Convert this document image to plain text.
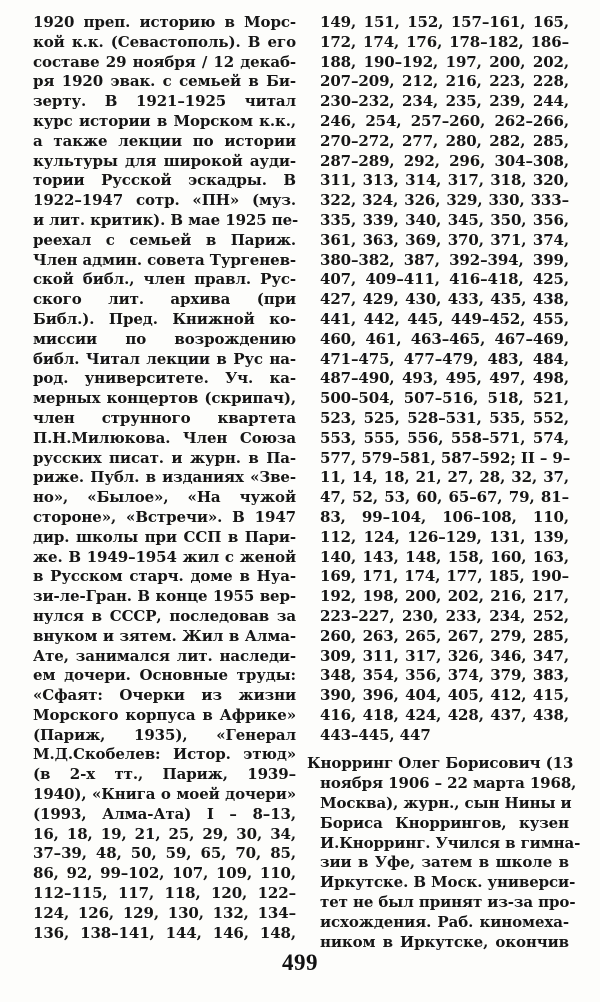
1920 преп. историю в Морс-
кой к.к. (Севастополь). В его
составе 29 ноября / 12 декаб-
ря 1920 эвак. с семьей в Би-
зерту. В 1921–1925 читал
курс истории в Морском к.к.,
а также лекции по истории
культуры для широкой ауди-
тории Русской эскадры. В
1922–1947 сотр. «ПН» (муз.
и лит. критик). В мае 1925 пе-
реехал с семьей в Париж.
Член админ. совета Тургенев-
ской библ., член правл. Рус-
ского лит. архива (при
Библ.). Пред. Книжной ко-
миссии по возрождению
библ. Читал лекции в Рус на-
род. университете. Уч. ка-
мерных концертов (скрипач),
член струнного квартета
П.Н.Милюкова. Член Союза
русских писат. и журн. в Па-
риже. Публ. в изданиях «Зве-
но», «Былое», «На чужой
стороне», «Встречи». В 1947
дир. школы при ССП в Пари-
же. В 1949–1954 жил с женой
в Русском старч. доме в Нуа-
зи-ле-Гран. В конце 1955 вер-
нулся в СССР, последовав за
внуком и зятем. Жил в Алма-
Ате, занимался лит. наследи-
ем дочери. Основные труды:
«Сфаят: Очерки из жизни
Морского корпуса в Африке»
(Париж, 1935), «Генерал
М.Д.Скобелев: Истор. этюд»
(в 2-х тт., Париж, 1939–
1940), «Книга о моей дочери»
(1993, Алма-Ата) I – 8–13,
16, 18, 19, 21, 25, 29, 30, 34,
37–39, 48, 50, 59, 65, 70, 85,
86, 92, 99–102, 107, 109, 110,
112–115, 117, 118, 120, 122–
124, 126, 129, 130, 132, 134–
136, 138–141, 144, 146, 148,
149, 151, 152, 157–161, 165,
172, 174, 176, 178–182, 186–
188, 190–192, 197, 200, 202,
207–209, 212, 216, 223, 228,
230–232, 234, 235, 239, 244,
246, 254, 257–260, 262–266,
270–272, 277, 280, 282, 285,
287–289, 292, 296, 304–308,
311, 313, 314, 317, 318, 320,
322, 324, 326, 329, 330, 333–
335, 339, 340, 345, 350, 356,
361, 363, 369, 370, 371, 374,
380–382, 387, 392–394, 399,
407, 409–411, 416–418, 425,
427, 429, 430, 433, 435, 438,
441, 442, 445, 449–452, 455,
460, 461, 463–465, 467–469,
471–475, 477–479, 483, 484,
487–490, 493, 495, 497, 498,
500–504, 507–516, 518, 521,
523, 525, 528–531, 535, 552,
553, 555, 556, 558–571, 574,
577, 579–581, 587–592; II – 9–
11, 14, 18, 21, 27, 28, 32, 37,
47, 52, 53, 60, 65–67, 79, 81–
83, 99–104, 106–108, 110,
112, 124, 126–129, 131, 139,
140, 143, 148, 158, 160, 163,
169, 171, 174, 177, 185, 190–
192, 198, 200, 202, 216, 217,
223–227, 230, 233, 234, 252,
260, 263, 265, 267, 279, 285,
309, 311, 317, 326, 346, 347,
348, 354, 356, 374, 379, 383,
390, 396, 404, 405, 412, 415,
416, 418, 424, 428, 437, 438,
443–445, 447
Кнорринг Олег Борисович (13
ноября 1906 – 22 марта 1968,
Москва), журн., сын Нины и
Бориса Кноррингов, кузен
И.Кнорринг. Учился в гимна-
зии в Уфе, затем в школе в
Иркутске. В Моск. универси-
тет не был принят из-за про-
исхождения. Раб. киномеха-
ником в Иркутске, окончив
499
